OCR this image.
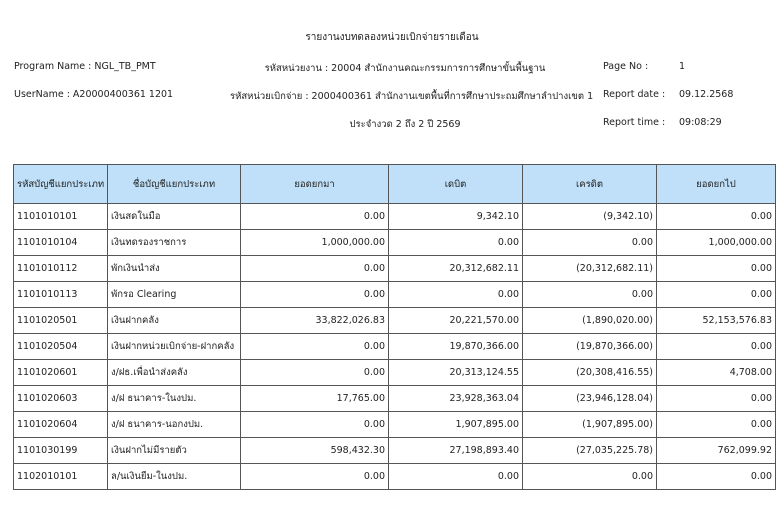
รายงานงบทดลองหน่วยเบิกจ่ายรายเดือน
Program Name : NGL_TB_PMT	รหัสหน่วยงาน : 20004 สำนักงานคณะกรรมการการศึกษาขั้นพื้นฐาน	Page No :	1
UserName : A20000400361 1201	รหัสหน่วยเบิกจ่าย : 2000400361 สำนักงานเขตพื้นที่การศึกษาประถมศึกษาลำปางเขต 1 Report date : 09.12.2568
ประจำงวด 2 ถึง 2 ปี 2569	Report time : 09:08:29
รหัสบัญชีแยกประเภท	ชื่อบัญชีแยกประเภท	ยอดยกมา	เดบิต	เครดิต	ยอดยกไป
1101010101	เงินสดในมือ	0.00	9,342.10	(9,342.10)	0.00
1101010104	เงินทดรองราชการ	1,000,000.00	0.00	0.00	1,000,000.00
1101010112	พักเงินนำส่ง	0.00	20,312,682.11	(20,312,682.11)	0.00
1101010113	พักรอ Clearing	0.00	0.00	0.00	0.00
1101020501	เงินฝากคลัง	33,822,026.83	20,221,570.00	(1,890,020.00)	52,153,576.83
1101020504	เงินฝากหน่วยเบิกจ่าย-ฝากคลัง	0.00	19,870,366.00	(19,870,366.00)	0.00
1101020601	ง/ฝธ.เพื่อนำส่งคลัง	0.00	20,313,124.55	(20,308,416.55)	4,708.00
1101020603	ง/ฝ ธนาคาร-ในงปม.	17,765.00	23,928,363.04	(23,946,128.04)	0.00
1101020604	ง/ฝ ธนาคาร-นอกงปม.	0.00	1,907,895.00	(1,907,895.00)	0.00
1101030199	เงินฝากไม่มีรายตัว	598,432.30	27,198,893.40	(27,035,225.78)	762,099.92
1102010101	ล/นเงินยืม-ในงปม.	0.00	0.00	0.00	0.00
